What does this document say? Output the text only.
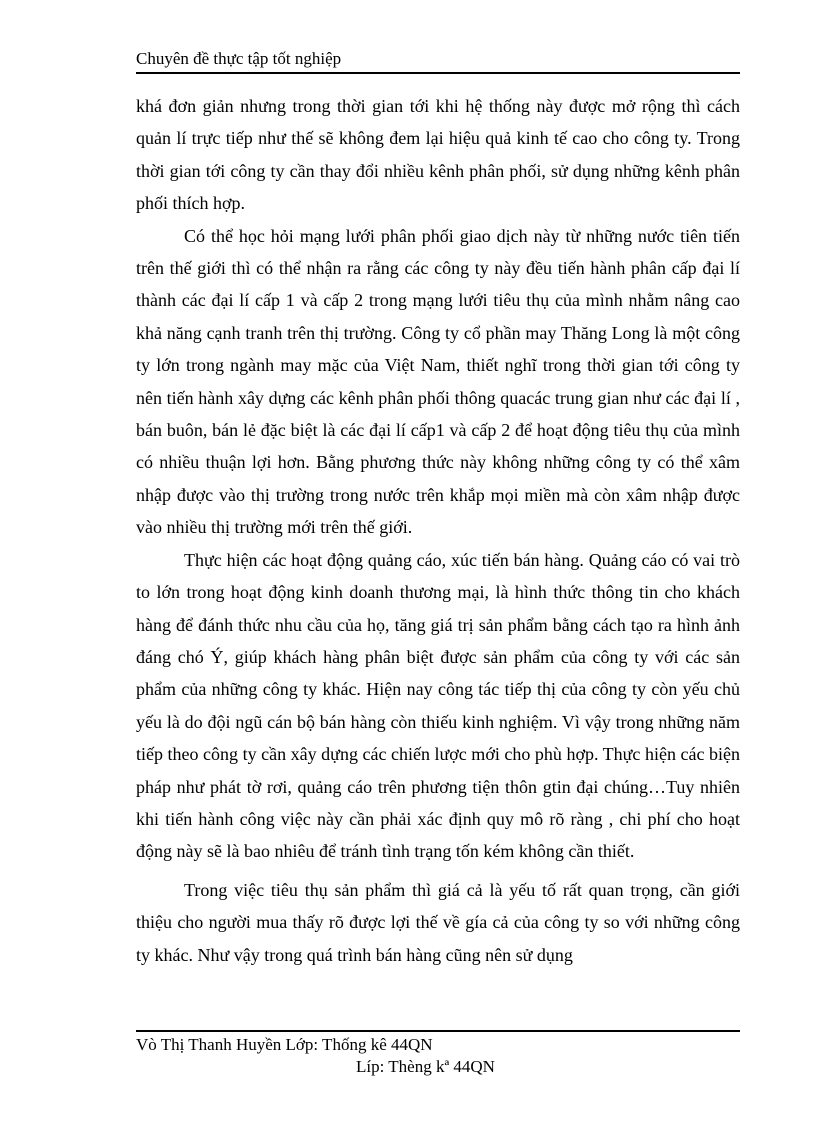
Chuyên đề thực tập tốt nghiệp

khá đơn giản nhưng trong thời gian tới khi hệ thống này được mở rộng thì cách quản lí trực tiếp như thế sẽ không đem lại hiệu quả kinh tế cao cho công ty. Trong thời gian tới công ty cần thay đổi nhiều kênh phân phối, sử dụng những kênh phân phối thích hợp.

Có thể học hỏi mạng lưới phân phối giao dịch này từ những nước tiên tiến trên thế giới thì có thể nhận ra rằng các công ty này đều tiến hành phân cấp đại lí thành các đại lí cấp 1 và cấp 2 trong mạng lưới tiêu thụ của mình nhằm nâng cao khả năng cạnh tranh trên thị trường. Công ty cổ phần may Thăng Long là một công ty lớn trong ngành may mặc của Việt Nam, thiết nghĩ trong thời gian tới công ty nên tiến hành xây dựng các kênh phân phối thông quacác trung gian như các đại lí , bán buôn, bán lẻ đặc biệt là các đại lí cấp1 và cấp 2 để hoạt động tiêu thụ của mình có nhiều thuận lợi hơn. Bằng phương thức này không những công ty có thể xâm nhập được vào thị trường trong nước trên khắp mọi miền mà còn xâm nhập được vào nhiều thị trường mới trên thế giới.

Thực hiện các hoạt động quảng cáo, xúc tiến bán hàng. Quảng cáo có vai trò to lớn trong hoạt động kinh doanh thương mại, là hình thức thông tin cho khách hàng để đánh thức nhu cầu của họ, tăng giá trị sản phẩm bằng cách tạo ra hình ảnh đáng chó Ý, giúp khách hàng phân biệt được sản phẩm của công ty với các sản phẩm của những công ty khác. Hiện nay công tác tiếp thị của công ty còn yếu chủ yếu là do đội ngũ cán bộ bán hàng còn thiếu kinh nghiệm. Vì vậy trong những năm tiếp theo công ty cần xây dựng các chiến lược mới cho phù hợp. Thực hiện các biện pháp như phát tờ rơi, quảng cáo trên phương tiện thôn gtin đại chúng…Tuy nhiên khi tiến hành công việc này cần phải xác định quy mô rõ ràng , chi phí cho hoạt động này sẽ là bao nhiêu để tránh tình trạng tốn kém không cần thiết.

Trong việc tiêu thụ sản phẩm thì giá cả là yếu tố rất quan trọng, cần giới thiệu cho người mua thấy rõ được lợi thế về gía cả của công ty so với những công ty khác. Như vậy trong quá trình bán hàng cũng nên sử dụng

Vò Thị Thanh Huyền Lớp: Thống kê 44QN
Líp: Thèng kª 44QN
